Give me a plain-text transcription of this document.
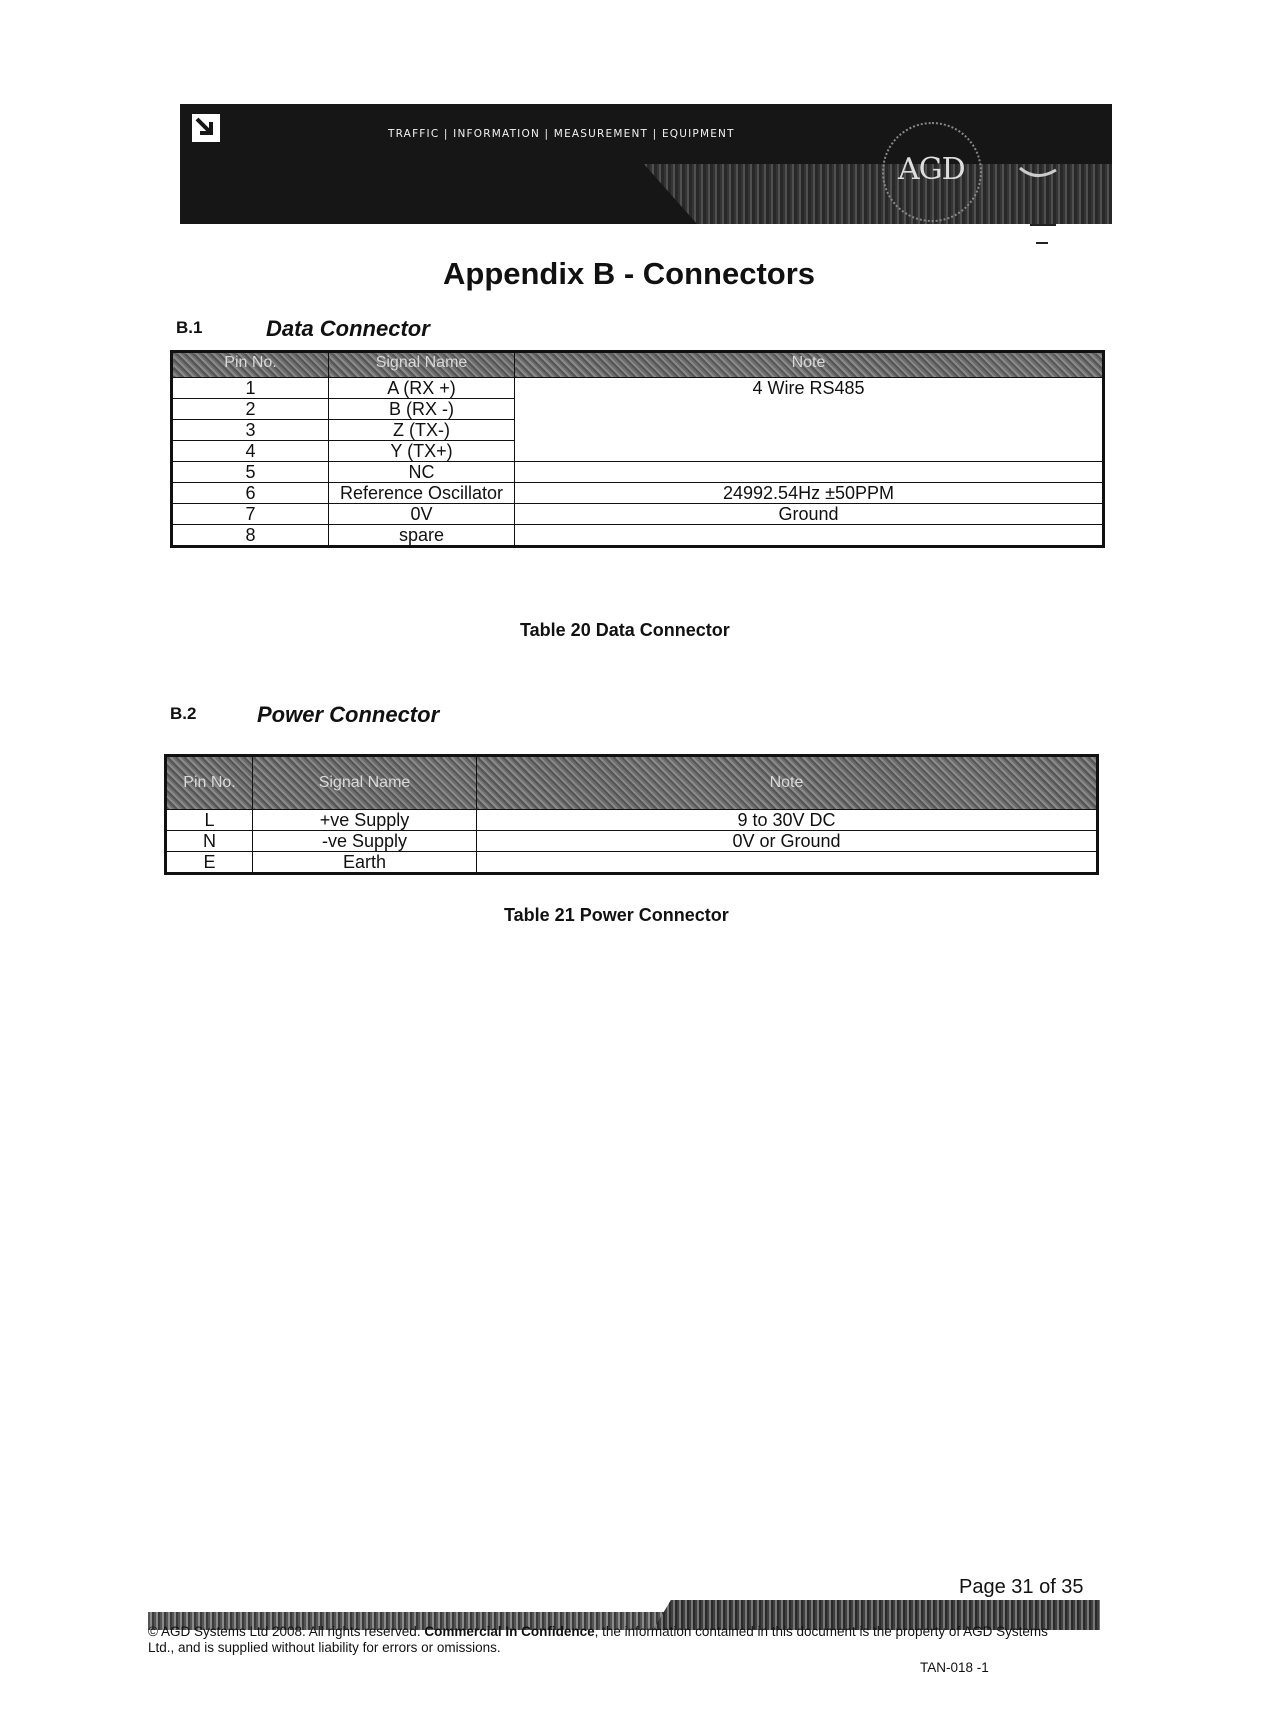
TRAFFIC | INFORMATION | MEASUREMENT | EQUIPMENT
AGD
Appendix B - Connectors
B.1	Data Connector
Pin No.	Signal Name	Note
1	A (RX +)	4 Wire RS485
2	B (RX -)	
3	Z (TX-)	
4	Y (TX+)	
5	NC	
6	Reference Oscillator	24992.54Hz ±50PPM
7	0V	Ground
8	spare	
Table 20 Data Connector
B.2	Power Connector
Pin No.	Signal Name	Note
L	+ve Supply	9 to 30V DC
N	-ve Supply	0V or Ground
E	Earth	
Table 21 Power Connector
Page 31 of 35
© AGD Systems Ltd 2008. All rights reserved. Commercial In Confidence, the information contained in this document is the property of AGD Systems Ltd., and is supplied without liability for errors or omissions.
TAN-018 -1
